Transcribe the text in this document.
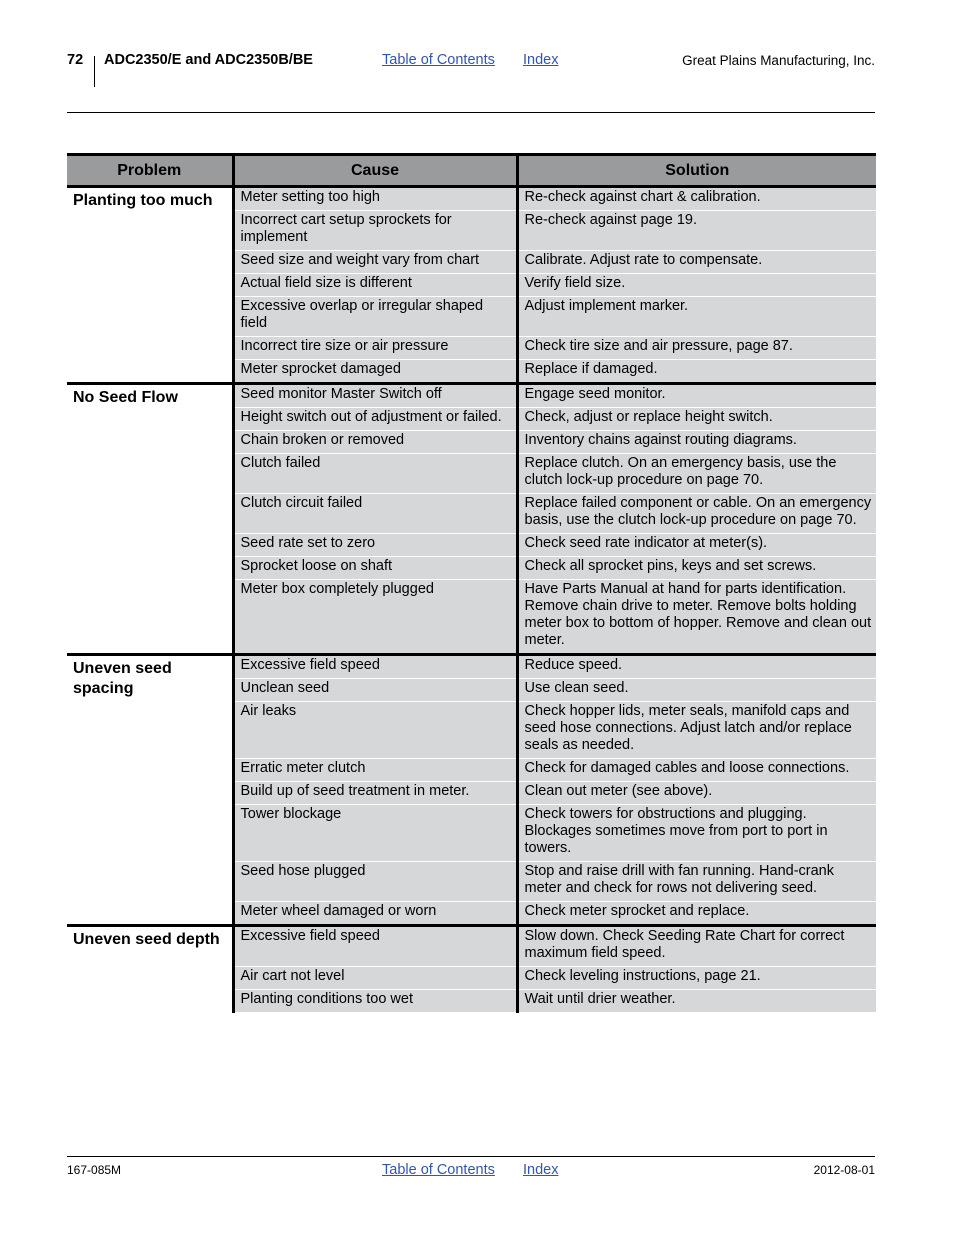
72 ADC2350/E and ADC2350B/BE	Table of Contents Index	Great Plains Manufacturing, Inc.
Problem	Cause	Solution
Planting too much	Meter setting too high	Re-check against chart & calibration.
	Incorrect cart setup sprockets for implement	Re-check against page 19.
	Seed size and weight vary from chart	Calibrate. Adjust rate to compensate.
	Actual field size is different	Verify field size.
	Excessive overlap or irregular shaped field	Adjust implement marker.
	Incorrect tire size or air pressure	Check tire size and air pressure, page 87.
	Meter sprocket damaged	Replace if damaged.
No Seed Flow	Seed monitor Master Switch off	Engage seed monitor.
	Height switch out of adjustment or failed.	Check, adjust or replace height switch.
	Chain broken or removed	Inventory chains against routing diagrams.
	Clutch failed	Replace clutch. On an emergency basis, use the clutch lock-up procedure on page 70.
	Clutch circuit failed	Replace failed component or cable. On an emergency basis, use the clutch lock-up procedure on page 70.
	Seed rate set to zero	Check seed rate indicator at meter(s).
	Sprocket loose on shaft	Check all sprocket pins, keys and set screws.
	Meter box completely plugged	Have Parts Manual at hand for parts identification. Remove chain drive to meter. Remove bolts holding meter box to bottom of hopper. Remove and clean out meter.
Uneven seed spacing	Excessive field speed	Reduce speed.
	Unclean seed	Use clean seed.
	Air leaks	Check hopper lids, meter seals, manifold caps and seed hose connections. Adjust latch and/or replace seals as needed.
	Erratic meter clutch	Check for damaged cables and loose connections.
	Build up of seed treatment in meter.	Clean out meter (see above).
	Tower blockage	Check towers for obstructions and plugging. Blockages sometimes move from port to port in towers.
	Seed hose plugged	Stop and raise drill with fan running. Hand-crank meter and check for rows not delivering seed.
	Meter wheel damaged or worn	Check meter sprocket and replace.
Uneven seed depth	Excessive field speed	Slow down. Check Seeding Rate Chart for correct maximum field speed.
	Air cart not level	Check leveling instructions, page 21.
	Planting conditions too wet	Wait until drier weather.
167-085M	Table of Contents Index	2012-08-01
